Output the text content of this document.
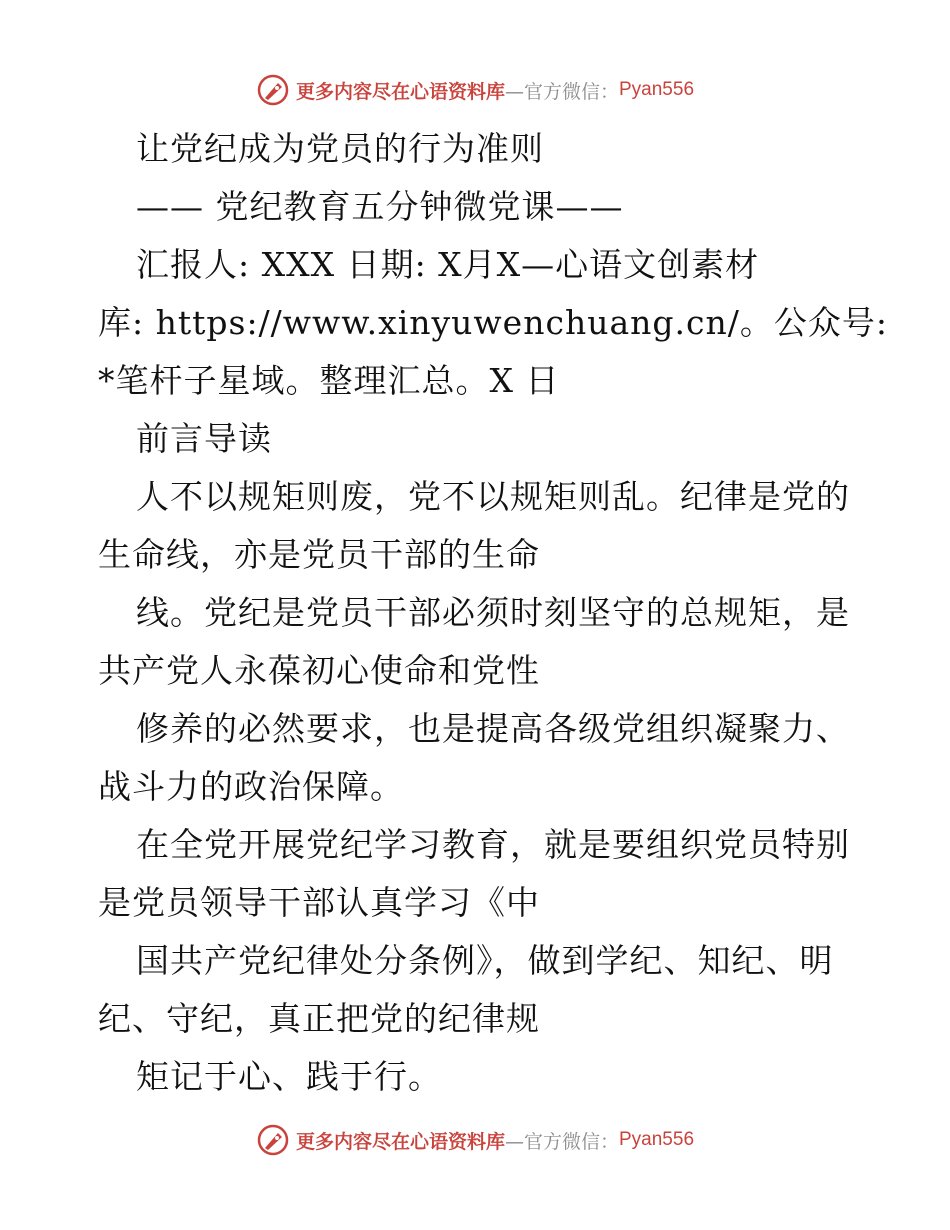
更多内容尽在心语资料库 —官方微信： Pyan556
让党纪成为党员的行为准则
—— 党纪教育五分钟微党课——
汇报人: XXX 日期: X月X—心语文创素材
库: https://www.xinyuwenchuang.cn/。公众号:
*笔杆子星域。整理汇总。X 日
前言导读
人不以规矩则废，党不以规矩则乱。纪律是党的
生命线，亦是党员干部的生命
线。党纪是党员干部必须时刻坚守的总规矩，是
共产党人永葆初心使命和党性
修养的必然要求，也是提高各级党组织凝聚力、
战斗力的政治保障。
在全党开展党纪学习教育，就是要组织党员特别
是党员领导干部认真学习《中
国共产党纪律处分条例》，做到学纪、知纪、明
纪、守纪，真正把党的纪律规
矩记于心、践于行。
更多内容尽在心语资料库 —官方微信： Pyan556
